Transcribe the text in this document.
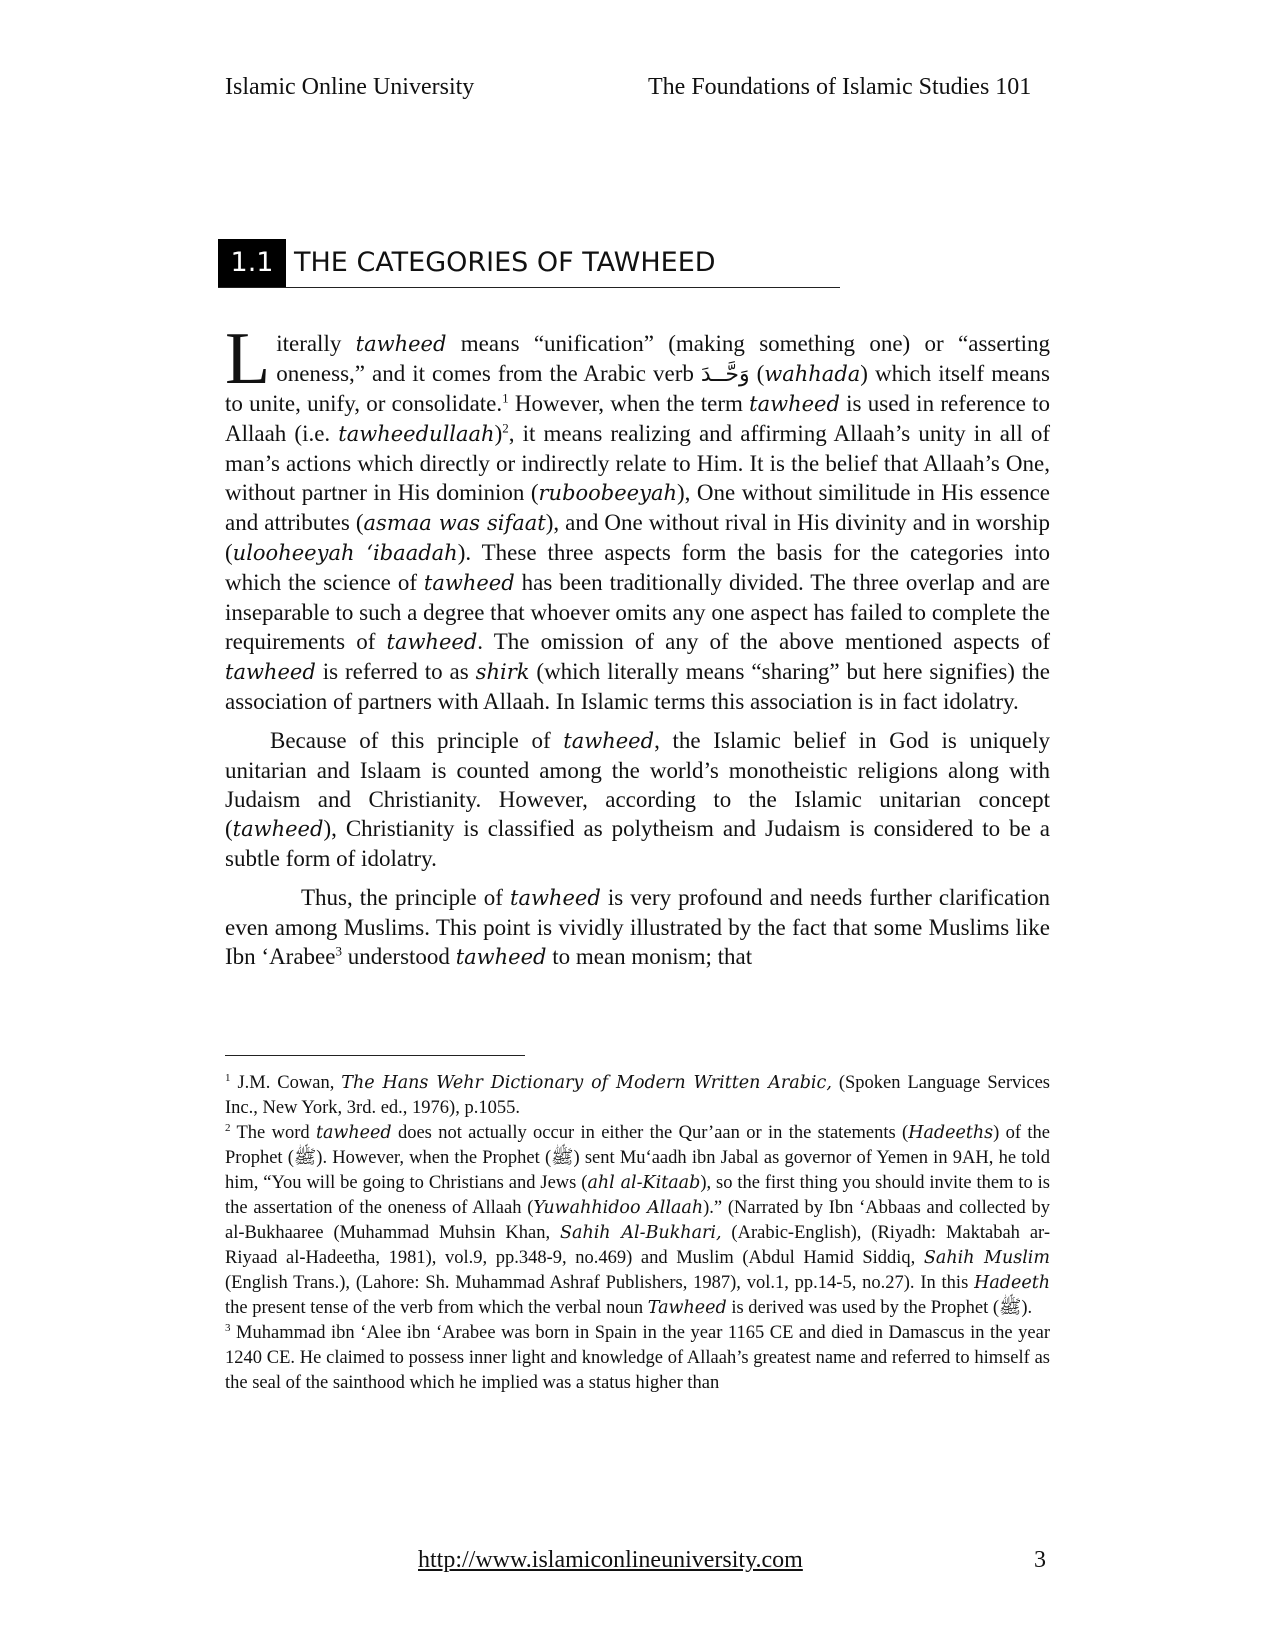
Islamic Online University	The Foundations of Islamic Studies 101
1.1 THE CATEGORIES OF TAWHEED

Literally tawheed means “unification” (making something one) or “asserting oneness,” and it comes from the Arabic verb وَحَّــدَ (wahhada) which itself means to unite, unify, or consolidate.$^1$ However, when the term tawheed is used in reference to Allaah (i.e. tawheedullaah)$^2$, it means realizing and affirming Allaah’s unity in all of man’s actions which directly or indirectly relate to Him. It is the belief that Allaah’s One, without partner in His dominion (ruboobeeyah), One without similitude in His essence and attributes (asmaa was sifaat), and One without rival in His divinity and in worship (ulooheeyah ‘ibaadah). These three aspects form the basis for the categories into which the science of tawheed has been traditionally divided. The three overlap and are inseparable to such a degree that whoever omits any one aspect has failed to complete the requirements of tawheed. The omission of any of the above mentioned aspects of tawheed is referred to as shirk (which literally means “sharing” but here signifies) the association of partners with Allaah. In Islamic terms this association is in fact idolatry.

Because of this principle of tawheed, the Islamic belief in God is uniquely unitarian and Islaam is counted among the world’s monotheistic religions along with Judaism and Christianity. However, according to the Islamic unitarian concept (tawheed), Christianity is classified as polytheism and Judaism is considered to be a subtle form of idolatry.

Thus, the principle of tawheed is very profound and needs further clarification even among Muslims. This point is vividly illustrated by the fact that some Muslims like Ibn ‘Arabee$^3$ understood tawheed to mean monism; that

$^1$ J.M. Cowan, The Hans Wehr Dictionary of Modern Written Arabic, (Spoken Language Services Inc., New York, 3rd. ed., 1976), p.1055.

$^2$ The word tawheed does not actually occur in either the Qur’aan or in the statements (Hadeeths) of the Prophet (ﷺ). However, when the Prophet (ﷺ) sent Mu‘aadh ibn Jabal as governor of Yemen in 9AH, he told him, “You will be going to Christians and Jews (ahl al-Kitaab), so the first thing you should invite them to is the assertation of the oneness of Allaah (Yuwahhidoo Allaah).” (Narrated by Ibn ‘Abbaas and collected by al-Bukhaaree (Muhammad Muhsin Khan, Sahih Al-Bukhari, (Arabic-English), (Riyadh: Maktabah ar-Riyaad al-Hadeetha, 1981), vol.9, pp.348-9, no.469) and Muslim (Abdul Hamid Siddiq, Sahih Muslim (English Trans.), (Lahore: Sh. Muhammad Ashraf Publishers, 1987), vol.1, pp.14-5, no.27). In this Hadeeth the present tense of the verb from which the verbal noun Tawheed is derived was used by the Prophet (ﷺ).

$^3$ Muhammad ibn ‘Alee ibn ‘Arabee was born in Spain in the year 1165 CE and died in Damascus in the year 1240 CE. He claimed to possess inner light and knowledge of Allaah’s greatest name and referred to himself as the seal of the sainthood which he implied was a status higher than

http://www.islamiconlineuniversity.com	3
